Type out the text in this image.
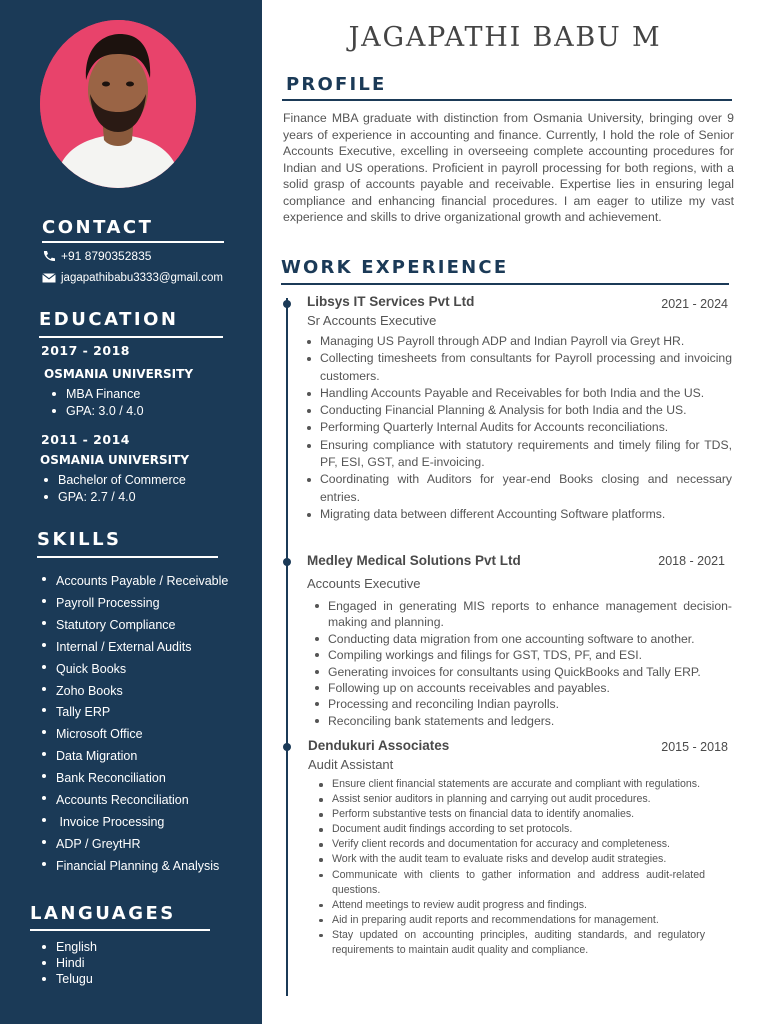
CONTACT
+91 8790352835
jagapathibabu3333@gmail.com
EDUCATION
2017 - 2018
OSMANIA UNIVERSITY
MBA Finance
GPA: 3.0 / 4.0
2011 - 2014
OSMANIA UNIVERSITY
Bachelor of Commerce
GPA: 2.7 / 4.0
SKILLS
Accounts Payable / Receivable
Payroll Processing
Statutory Compliance
Internal / External Audits
Quick Books
Zoho Books
Tally ERP
Microsoft Office
Data Migration
Bank Reconciliation
Accounts Reconciliation
Invoice Processing
ADP / GreytHR
Financial Planning & Analysis
LANGUAGES
English
Hindi
Telugu
JAGAPATHI BABU M
PROFILE
Finance MBA graduate with distinction from Osmania University, bringing over 9 years of experience in accounting and finance. Currently, I hold the role of Senior Accounts Executive, excelling in overseeing complete accounting procedures for Indian and US operations. Proficient in payroll processing for both regions, with a solid grasp of accounts payable and receivable. Expertise lies in ensuring legal compliance and enhancing financial procedures. I am eager to utilize my vast experience and skills to drive organizational growth and achievement.
WORK EXPERIENCE
Libsys IT Services Pvt Ltd	2021 - 2024
Sr Accounts Executive
Managing US Payroll through ADP and Indian Payroll via Greyt HR.
Collecting timesheets from consultants for Payroll processing and invoicing customers.
Handling Accounts Payable and Receivables for both India and the US.
Conducting Financial Planning & Analysis for both India and the US.
Performing Quarterly Internal Audits for Accounts reconciliations.
Ensuring compliance with statutory requirements and timely filing for TDS, PF, ESI, GST, and E-invoicing.
Coordinating with Auditors for year-end Books closing and necessary entries.
Migrating data between different Accounting Software platforms.
Medley Medical Solutions Pvt Ltd	2018 - 2021
Accounts Executive
Engaged in generating MIS reports to enhance management decision-making and planning.
Conducting data migration from one accounting software to another.
Compiling workings and filings for GST, TDS, PF, and ESI.
Generating invoices for consultants using QuickBooks and Tally ERP.
Following up on accounts receivables and payables.
Processing and reconciling Indian payrolls.
Reconciling bank statements and ledgers.
Dendukuri Associates	2015 - 2018
Audit Assistant
Ensure client financial statements are accurate and compliant with regulations.
Assist senior auditors in planning and carrying out audit procedures.
Perform substantive tests on financial data to identify anomalies.
Document audit findings according to set protocols.
Verify client records and documentation for accuracy and completeness.
Work with the audit team to evaluate risks and develop audit strategies.
Communicate with clients to gather information and address audit-related questions.
Attend meetings to review audit progress and findings.
Aid in preparing audit reports and recommendations for management.
Stay updated on accounting principles, auditing standards, and regulatory requirements to maintain audit quality and compliance.
